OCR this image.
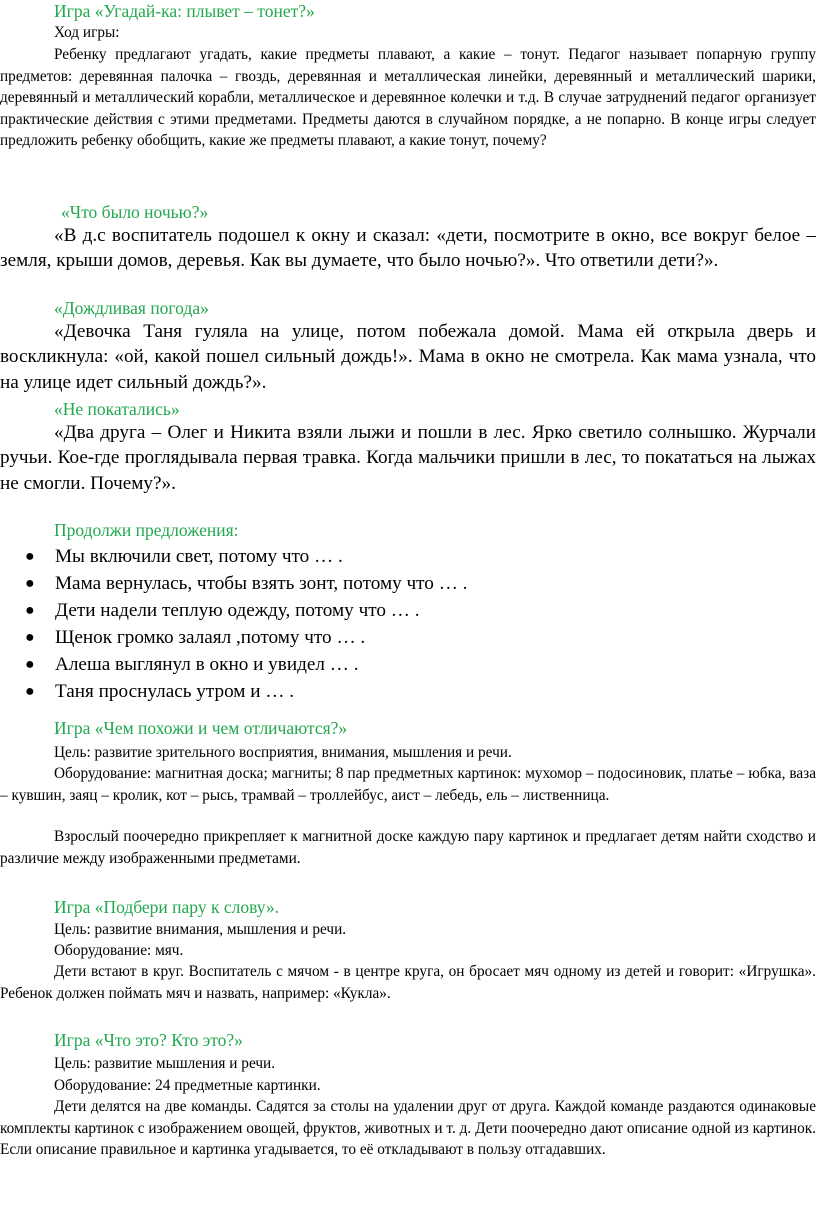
Игра «Угадай-ка: плывет – тонет?»

Ход игры:

Ребенку предлагают угадать, какие предметы плавают, а какие – тонут. Педагог называет попарную группу предметов: деревянная палочка – гвоздь, деревянная и металлическая линейки, деревянный и металлический шарики, деревянный и металлический корабли, металлическое и деревянное колечки и т.д. В случае затруднений педагог организует практические действия с этими предметами. Предметы даются в случайном порядке, а не попарно. В конце игры следует предложить ребенку обобщить, какие же предметы плавают, а какие тонут, почему?

«Что было ночью?»

«В д.с воспитатель подошел к окну и сказал: «дети, посмотрите в окно, все вокруг белое – земля, крыши домов, деревья. Как вы думаете, что было ночью?». Что ответили дети?».

«Дождливая погода»

«Девочка Таня гуляла на улице, потом побежала домой. Мама ей открыла дверь и воскликнула: «ой, какой пошел сильный дождь!». Мама в окно не смотрела. Как мама узнала, что на улице идет сильный дождь?».

«Не покатались»

«Два друга – Олег и Никита взяли лыжи и пошли в лес. Ярко светило солнышко. Журчали ручьи. Кое-где проглядывала первая травка. Когда мальчики пришли в лес, то покататься на лыжах не смогли. Почему?».

Продолжи предложения:
● Мы включили свет, потому что … .
● Мама вернулась, чтобы взять зонт, потому что … .
● Дети надели теплую одежду, потому что … .
● Щенок громко залаял ,потому что … .
● Алеша выглянул в окно и увидел … .
● Таня проснулась утром и … .
Игра «Чем похожи и чем отличаются?»

Цель: развитие зрительного восприятия, внимания, мышления и речи.

Оборудование: магнитная доска; магниты; 8 пар предметных картинок: мухомор – подосиновик, платье – юбка, ваза – кувшин, заяц – кролик, кот – рысь, трамвай – троллейбус, аист – лебедь, ель – лиственница.

Взрослый поочередно прикрепляет к магнитной доске каждую пару картинок и предлагает детям найти сходство и различие между изображенными предметами.

Игра «Подбери пару к слову».

Цель: развитие внимания, мышления и речи.

Оборудование: мяч.

Дети встают в круг. Воспитатель с мячом - в центре круга, он бросает мяч одному из детей и говорит: «Игрушка». Ребенок должен поймать мяч и назвать, например: «Кукла».

Игра «Что это? Кто это?»

Цель: развитие мышления и речи.

Оборудование: 24 предметные картинки.

Дети делятся на две команды. Садятся за столы на удалении друг от друга. Каждой команде раздаются одинаковые комплекты картинок с изображением овощей, фруктов, животных и т. д. Дети поочередно дают описание одной из картинок. Если описание правильное и картинка угадывается, то её откладывают в пользу отгадавших.
